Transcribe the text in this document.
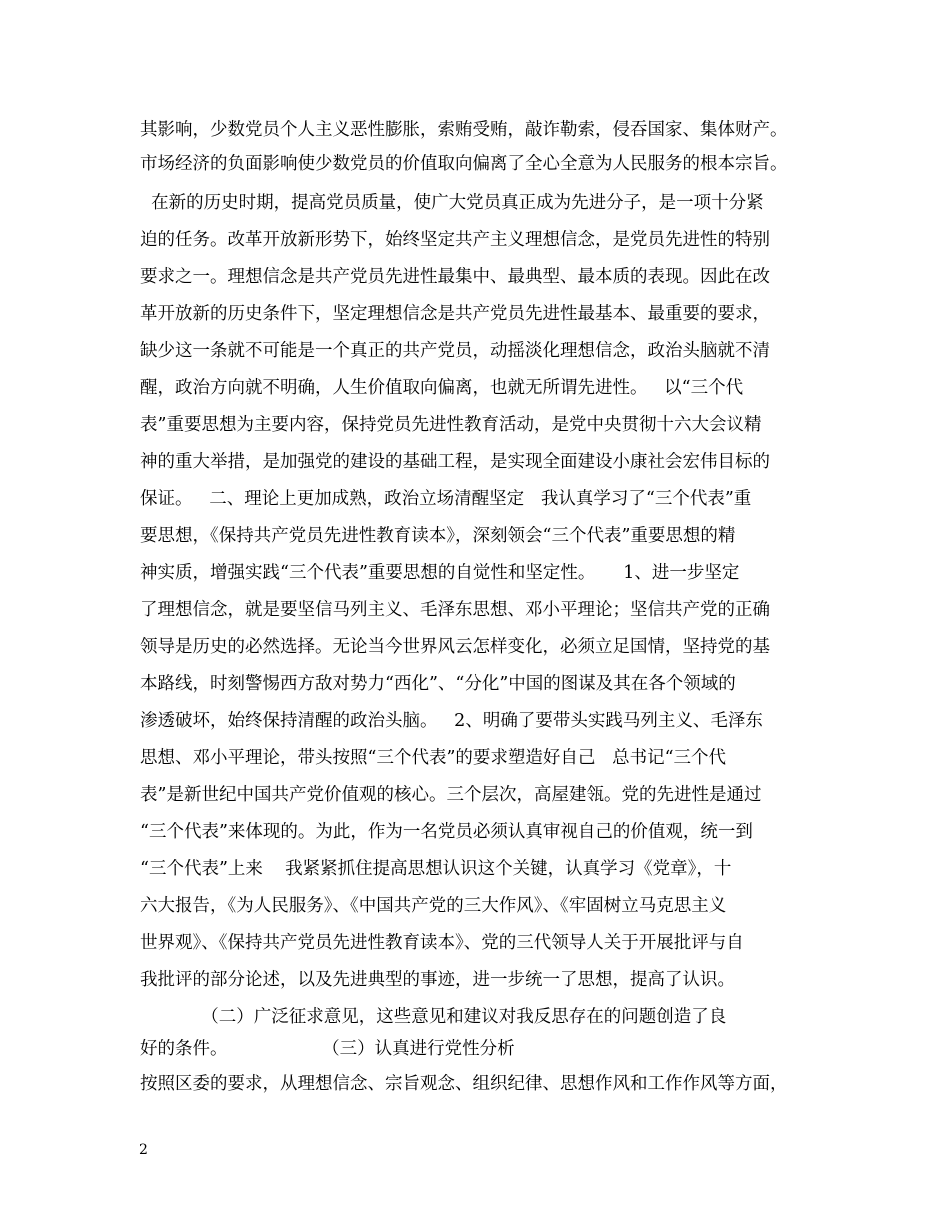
其影响，少数党员个人主义恶性膨胀，索贿受贿，敲诈勒索，侵吞国家、集体财产。
市场经济的负面影响使少数党员的价值取向偏离了全心全意为人民服务的根本宗旨。
在新的历史时期，提高党员质量，使广大党员真正成为先进分子，是一项十分紧
迫的任务。改革开放新形势下，始终坚定共产主义理想信念，是党员先进性的特别
要求之一。理想信念是共产党员先进性最集中、最典型、最本质的表现。因此在改
革开放新的历史条件下，坚定理想信念是共产党员先进性最基本、最重要的要求，
缺少这一条就不可能是一个真正的共产党员，动摇淡化理想信念，政治头脑就不清
醒，政治方向就不明确，人生价值取向偏离，也就无所谓先进性。   以“三个代
表”重要思想为主要内容，保持党员先进性教育活动，是党中央贯彻十六大会议精
神的重大举措，是加强党的建设的基础工程，是实现全面建设小康社会宏伟目标的
保证。   二、理论上更加成熟，政治立场清醒坚定   我认真学习了“三个代表”重
要思想，《保持共产党员先进性教育读本》，深刻领会“三个代表”重要思想的精
神实质，增强实践“三个代表”重要思想的自觉性和坚定性。     1、进一步坚定
了理想信念，就是要坚信马列主义、毛泽东思想、邓小平理论；坚信共产党的正确
领导是历史的必然选择。无论当今世界风云怎样变化，必须立足国情，坚持党的基
本路线，时刻警惕西方敌对势力“西化”、“分化”中国的图谋及其在各个领域的
渗透破坏，始终保持清醒的政治头脑。   2、明确了要带头实践马列主义、毛泽东
思想、邓小平理论，带头按照“三个代表”的要求塑造好自己   总书记“三个代
表”是新世纪中国共产党价值观的核心。三个层次，高屋建瓴。党的先进性是通过
“三个代表”来体现的。为此，作为一名党员必须认真审视自己的价值观，统一到
“三个代表”上来    我紧紧抓住提高思想认识这个关键，认真学习《党章》，十
六大报告，《为人民服务》、《中国共产党的三大作风》、《牢固树立马克思主义
世界观》、《保持共产党员先进性教育读本》、党的三代领导人关于开展批评与自
我批评的部分论述，以及先进典型的事迹，进一步统一了思想，提高了认识。
（二）广泛征求意见，这些意见和建议对我反思存在的问题创造了良
好的条件。                 （三）认真进行党性分析
按照区委的要求，从理想信念、宗旨观念、组织纪律、思想作风和工作作风等方面，
2
